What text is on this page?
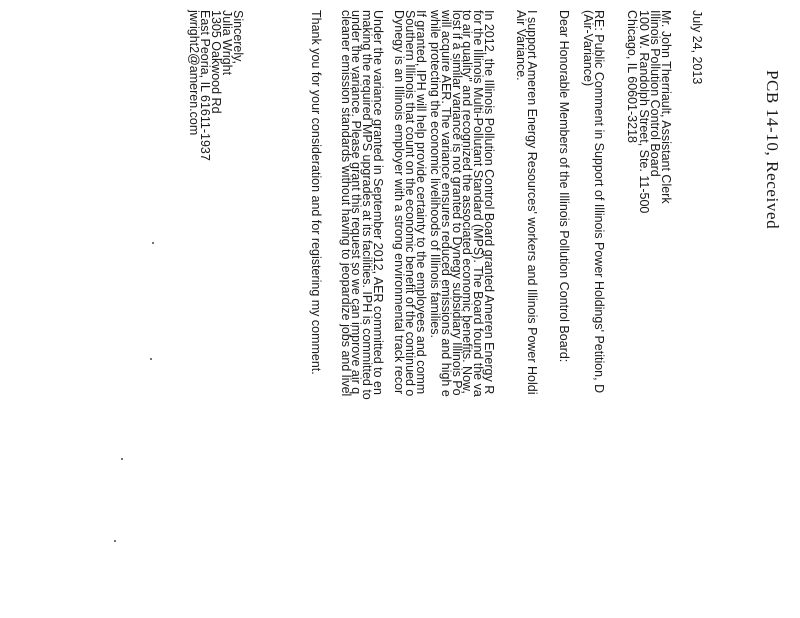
PCB 14-10, Received
July 24, 2013
Mr. John Therriault, Assistant Clerk
Illinois Pollution Control Board
100 W. Randolph Street, Ste. 11-500
Chicago, IL 60601-3218
RE: Public Comment in Support of Illinois Power Holdings' Petition, D
(Air-Variance)
Dear Honorable Members of the Illinois Pollution Control Board:
I support Ameren Energy Resources' workers and Illinois Power Holdi
Air Variance.
In 2012, the Illinois Pollution Control Board granted Ameren Energy R
for the Illinois Multi-Pollutant Standard (MPS). The Board found the va
to air quality" and recognized the associated economic benefits. Now,
lost if a similar variance is not granted to Dynegy subsidiary Illinois Po
will acquire AER. The variance ensures reduced emissions and high e
while protecting the economic livelihoods of Illinois families.
If granted, IPH will help provide certainty to the employees and comm
Southern Illinois that count on the economic benefit of the continued o
Dynegy is an Illinois employer with a strong environmental track recor
Under the variance granted in September 2012, AER committed to en
making the required MPS upgrades at its facilities. IPH is committed to
under the variance. Please grant this request so we can improve air q
cleaner emission standards without having to jeopardize jobs and livel
Thank you for your consideration and for registering my comment.
Sincerely,
Julia Wright
1305 Oakwood Rd
East Peoria, IL 61611-1937
jwright2@ameren.com
